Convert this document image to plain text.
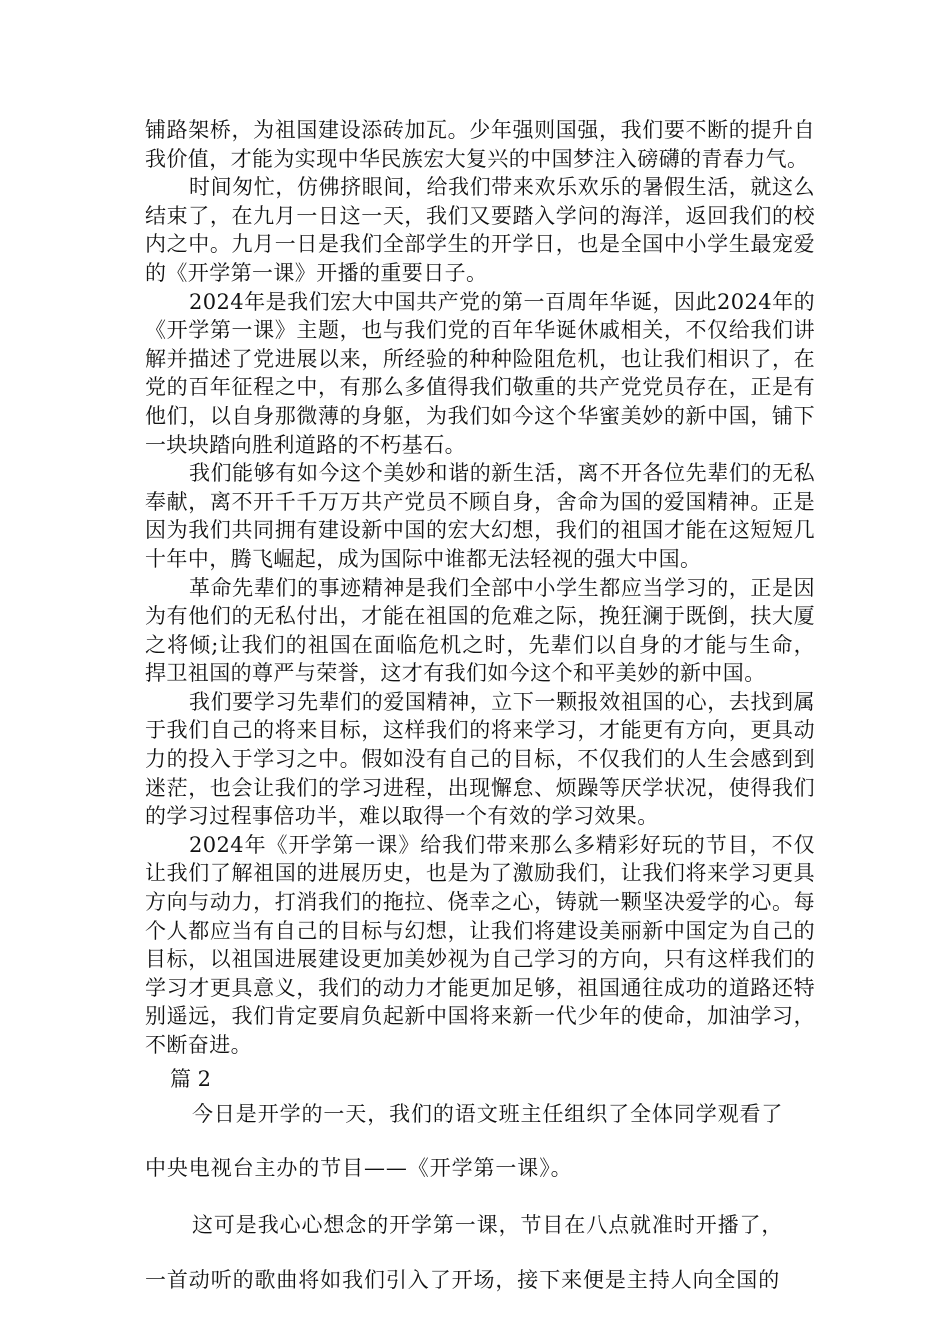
铺路架桥，为祖国建设添砖加瓦。少年强则国强，我们要不断的提升自我价值，才能为实现中华民族宏大复兴的中国梦注入磅礴的青春力气。

时间匆忙，仿佛挤眼间，给我们带来欢乐欢乐的暑假生活，就这么结束了，在九月一日这一天，我们又要踏入学问的海洋，返回我们的校内之中。九月一日是我们全部学生的开学日，也是全国中小学生最宠爱的《开学第一课》开播的重要日子。

2024年是我们宏大中国共产党的第一百周年华诞，因此2024年的《开学第一课》主题，也与我们党的百年华诞休戚相关，不仅给我们讲解并描述了党进展以来，所经验的种种险阻危机，也让我们相识了，在党的百年征程之中，有那么多值得我们敬重的共产党党员存在，正是有他们，以自身那微薄的身躯，为我们如今这个华蜜美妙的新中国，铺下一块块踏向胜利道路的不朽基石。

我们能够有如今这个美妙和谐的新生活，离不开各位先辈们的无私奉献，离不开千千万万共产党员不顾自身，舍命为国的爱国精神。正是因为我们共同拥有建设新中国的宏大幻想，我们的祖国才能在这短短几十年中，腾飞崛起，成为国际中谁都无法轻视的强大中国。

革命先辈们的事迹精神是我们全部中小学生都应当学习的，正是因为有他们的无私付出，才能在祖国的危难之际，挽狂澜于既倒，扶大厦之将倾;让我们的祖国在面临危机之时，先辈们以自身的才能与生命，捍卫祖国的尊严与荣誉，这才有我们如今这个和平美妙的新中国。

我们要学习先辈们的爱国精神，立下一颗报效祖国的心，去找到属于我们自己的将来目标，这样我们的将来学习，才能更有方向，更具动力的投入于学习之中。假如没有自己的目标，不仅我们的人生会感到到迷茫，也会让我们的学习进程，出现懈怠、烦躁等厌学状况，使得我们的学习过程事倍功半，难以取得一个有效的学习效果。

2024年《开学第一课》给我们带来那么多精彩好玩的节目，不仅让我们了解祖国的进展历史，也是为了激励我们，让我们将来学习更具方向与动力，打消我们的拖拉、侥幸之心，铸就一颗坚决爱学的心。每个人都应当有自己的目标与幻想，让我们将建设美丽新中国定为自己的目标，以祖国进展建设更加美妙视为自己学习的方向，只有这样我们的学习才更具意义，我们的动力才能更加足够，祖国通往成功的道路还特别遥远，我们肯定要肩负起新中国将来新一代少年的使命，加油学习，不断奋进。

篇 2

今日是开学的一天，我们的语文班主任组织了全体同学观看了

中央电视台主办的节目——《开学第一课》。

这可是我心心想念的开学第一课，节目在八点就准时开播了，

一首动听的歌曲将如我们引入了开场，接下来便是主持人向全国的
